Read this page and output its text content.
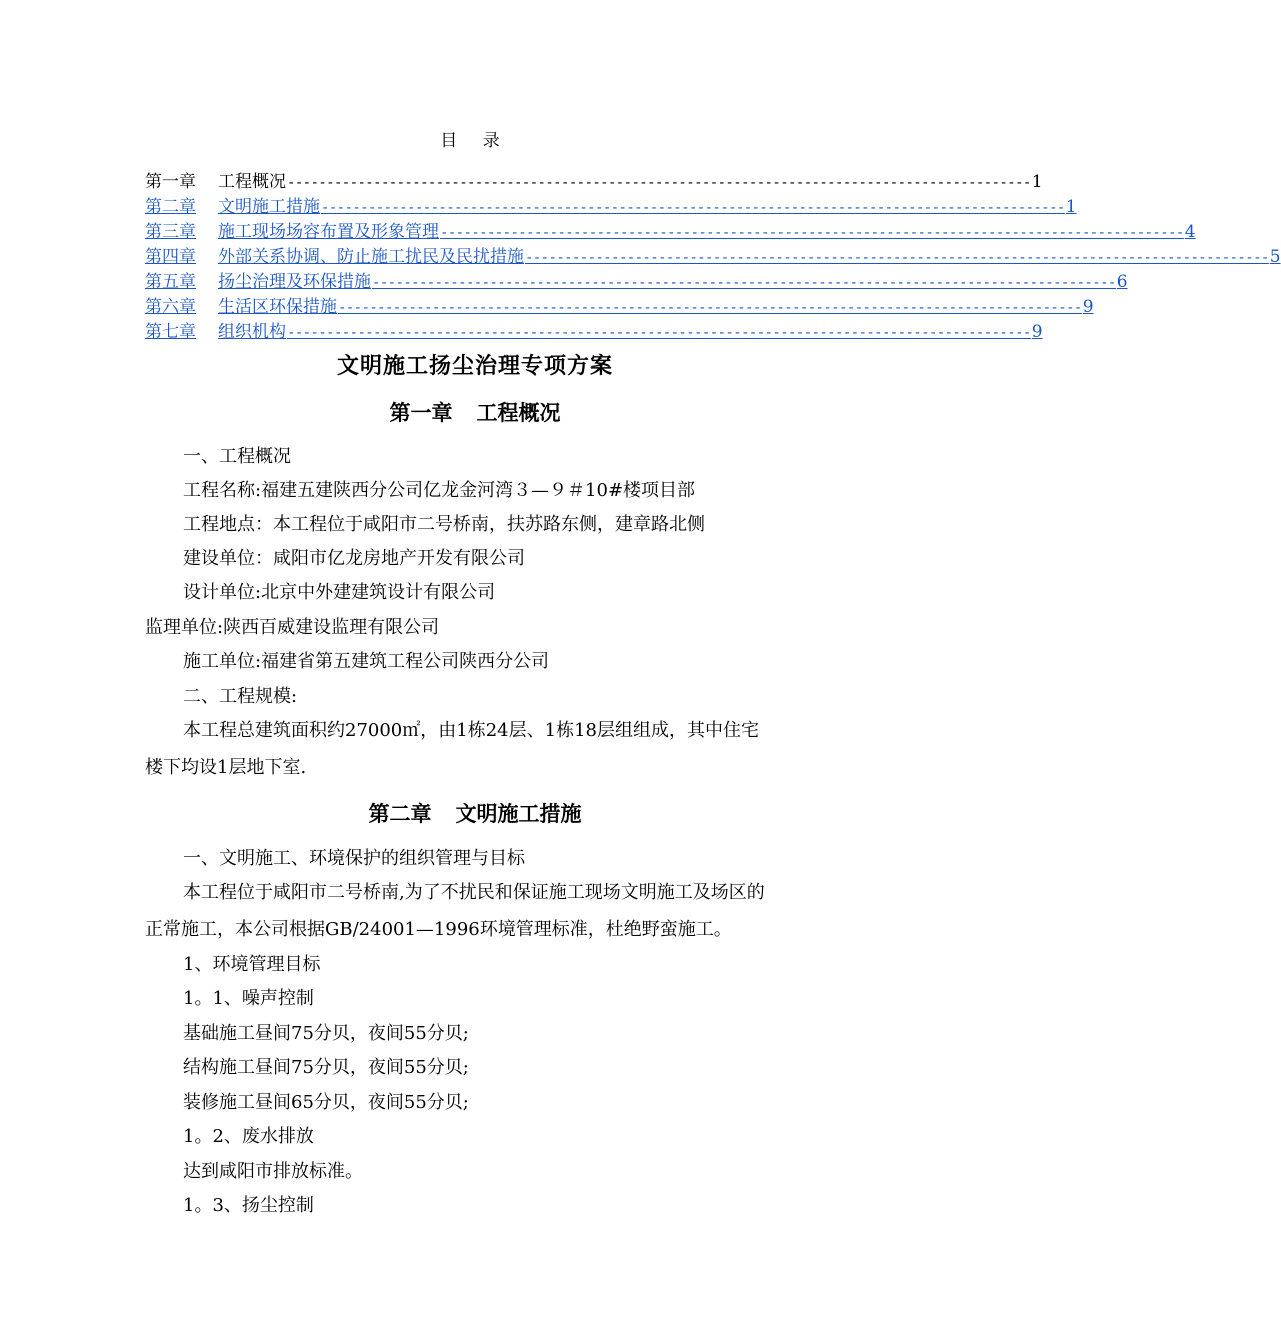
目 录
第一章 工程概况 ----------------------------------------------------------------------------------------------- 1
第二章 文明施工措施 ----------------------------------------------------------------------------------------------- 1
第三章 施工现场场容布置及形象管理 ----------------------------------------------------------------------------------------------- 4
第四章 外部关系协调、防止施工扰民及民扰措施 ----------------------------------------------------------------------------------------------- 5
第五章 扬尘治理及环保措施 ----------------------------------------------------------------------------------------------- 6
第六章 生活区环保措施 ----------------------------------------------------------------------------------------------- 9
第七章 组织机构 ----------------------------------------------------------------------------------------------- 9
文明施工扬尘治理专项方案
第一章 工程概况
一、工程概况
工程名称:福建五建陕西分公司亿龙金河湾３—９＃10#楼项目部
工程地点：本工程位于咸阳市二号桥南，扶苏路东侧，建章路北侧
建设单位：咸阳市亿龙房地产开发有限公司
设计单位:北京中外建建筑设计有限公司
监理单位:陕西百威建设监理有限公司
施工单位:福建省第五建筑工程公司陕西分公司
二、工程规模:
本工程总建筑面积约27000㎡，由1栋24层、1栋18层组组成，其中住宅
楼下均设1层地下室.
第二章 文明施工措施
一、文明施工、环境保护的组织管理与目标
本工程位于咸阳市二号桥南,为了不扰民和保证施工现场文明施工及场区的
正常施工，本公司根据GB/24001—1996环境管理标准，杜绝野蛮施工。
1、环境管理目标
1。1、噪声控制
基础施工昼间75分贝，夜间55分贝;
结构施工昼间75分贝，夜间55分贝;
装修施工昼间65分贝，夜间55分贝;
1。2、废水排放
达到咸阳市排放标准。
1。3、扬尘控制
